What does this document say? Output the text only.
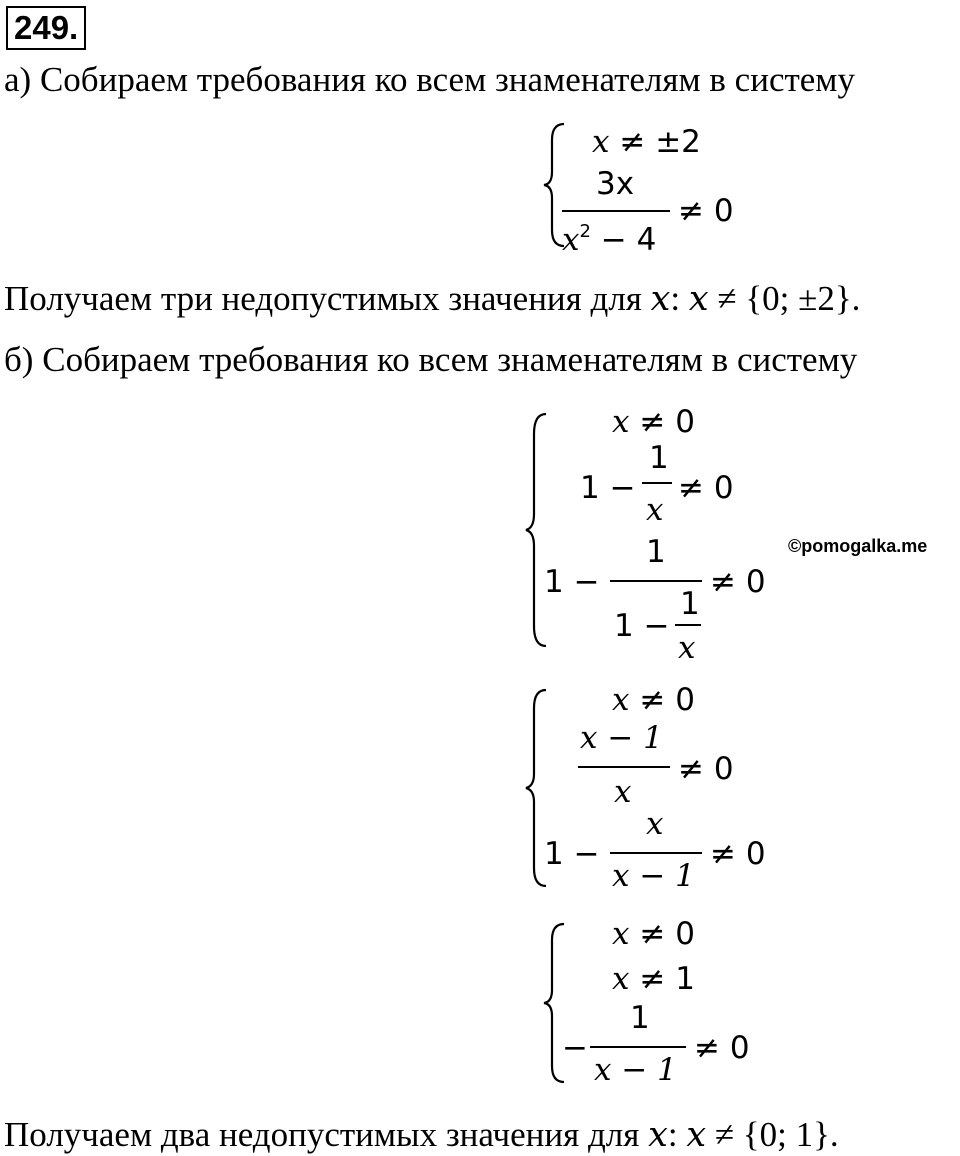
249.
а) Собираем требования ко всем знаменателям в систему
x ≠ ±2
3x
$x^2 - 4$
≠ 0
Получаем три недопустимых значения для x: x ≠ {0; ±2}.
б) Собираем требования ко всем знаменателям в систему
x ≠ 0
1 −
1
x
≠ 0
1 −
1
1 −
1
x
≠ 0
©pomogalka.me
x ≠ 0
x − 1
x
≠ 0
1 −
x
x − 1
≠ 0
x ≠ 0
x ≠ 1
−
1
x − 1
≠ 0
Получаем два недопустимых значения для x: x ≠ {0; 1}.
